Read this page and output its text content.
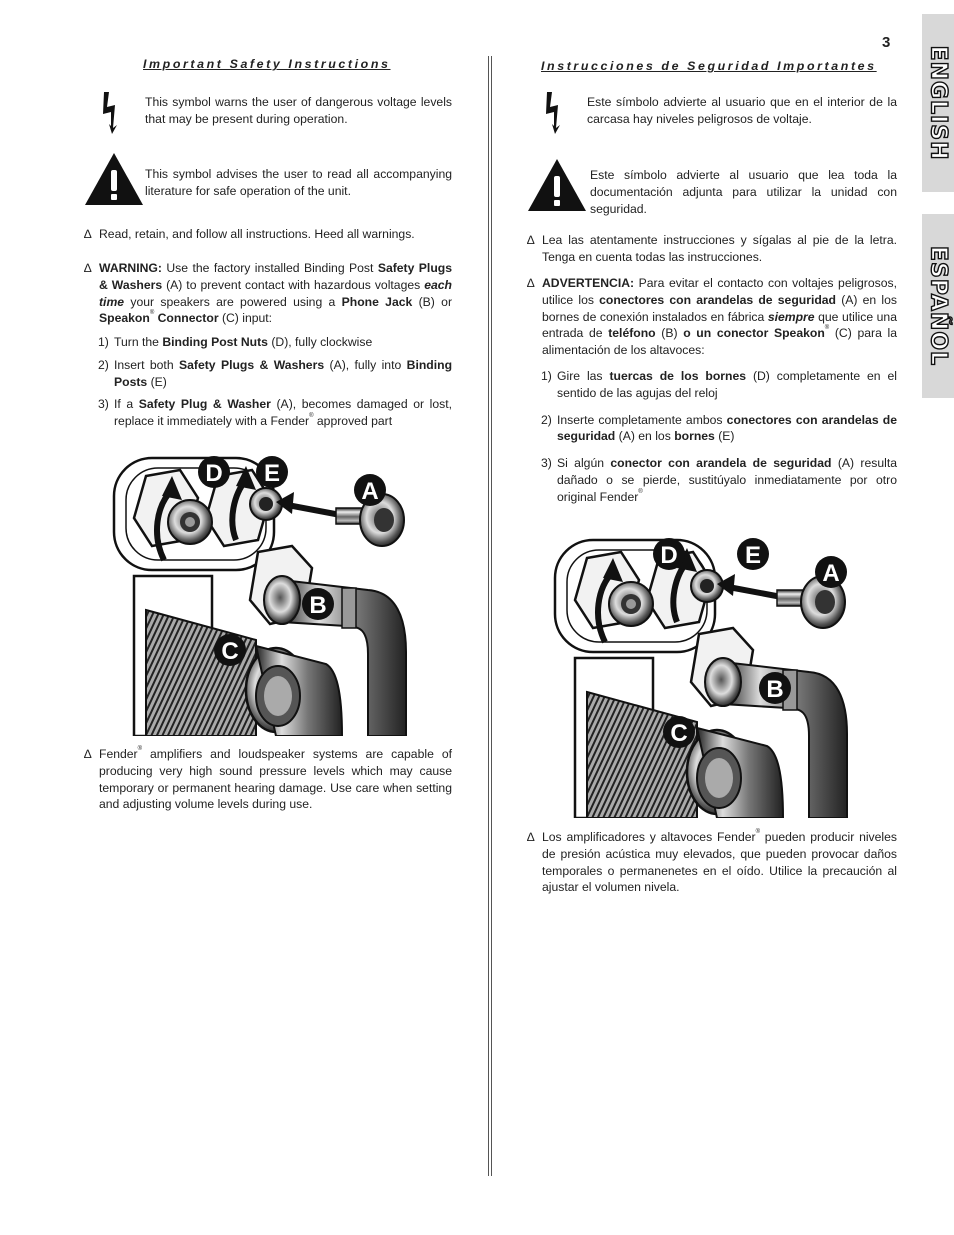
3
ENGLISH
ESPAÑOL
Important Safety Instructions
This symbol warns the user of dangerous voltage levels that may be present during operation.
This symbol advises the user to read all accompanying literature for safe operation of the unit.
∆ Read, retain, and follow all instructions. Heed all warnings.
∆ WARNING: Use the factory installed Binding Post Safety Plugs & Washers (A) to prevent contact with hazardous voltages each time your speakers are powered using a Phone Jack (B) or Speakon® Connector (C) input:
1) Turn the Binding Post Nuts (D), fully clockwise
2) Insert both Safety Plugs & Washers (A), fully into Binding Posts (E)
3) If a Safety Plug & Washer (A), becomes damaged or lost, replace it immediately with a Fender® approved part
D E
A
B
C
∆ Fender® amplifiers and loudspeaker systems are capable of producing very high sound pressure levels which may cause temporary or permanent hearing damage. Use care when setting and adjusting volume levels during use.
Instrucciones de Seguridad Importantes
Este símbolo advierte al usuario que en el interior de la carcasa hay niveles peligrosos de voltaje.
Este símbolo advierte al usuario que lea toda la documentación adjunta para utilizar la unidad con seguridad.
∆ Lea las atentamente instrucciones y sígalas al pie de la letra. Tenga en cuenta todas las instrucciones.
∆ ADVERTENCIA: Para evitar el contacto con voltajes peligrosos, utilice los conectores con arandelas de seguridad (A) en los bornes de conexión instalados en fábrica siempre que utilice una entrada de teléfono (B) o un conector Speakon® (C) para la alimentación de los altavoces:
1) Gire las tuercas de los bornes (D) completamente en el sentido de las agujas del reloj
2) Inserte completamente ambos conectores con arandelas de seguridad (A) en los bornes (E)
3) Si algún conector con arandela de seguridad (A) resulta dañado o se pierde, sustitúyalo inmediatamente por otro original Fender®
D	E
A
B
C
∆ Los amplificadores y altavoces Fender® pueden producir niveles de presión acústica muy elevados, que pueden provocar daños temporales o permanenetes en el oído. Utilice la precaución al ajustar el volumen nivela.
